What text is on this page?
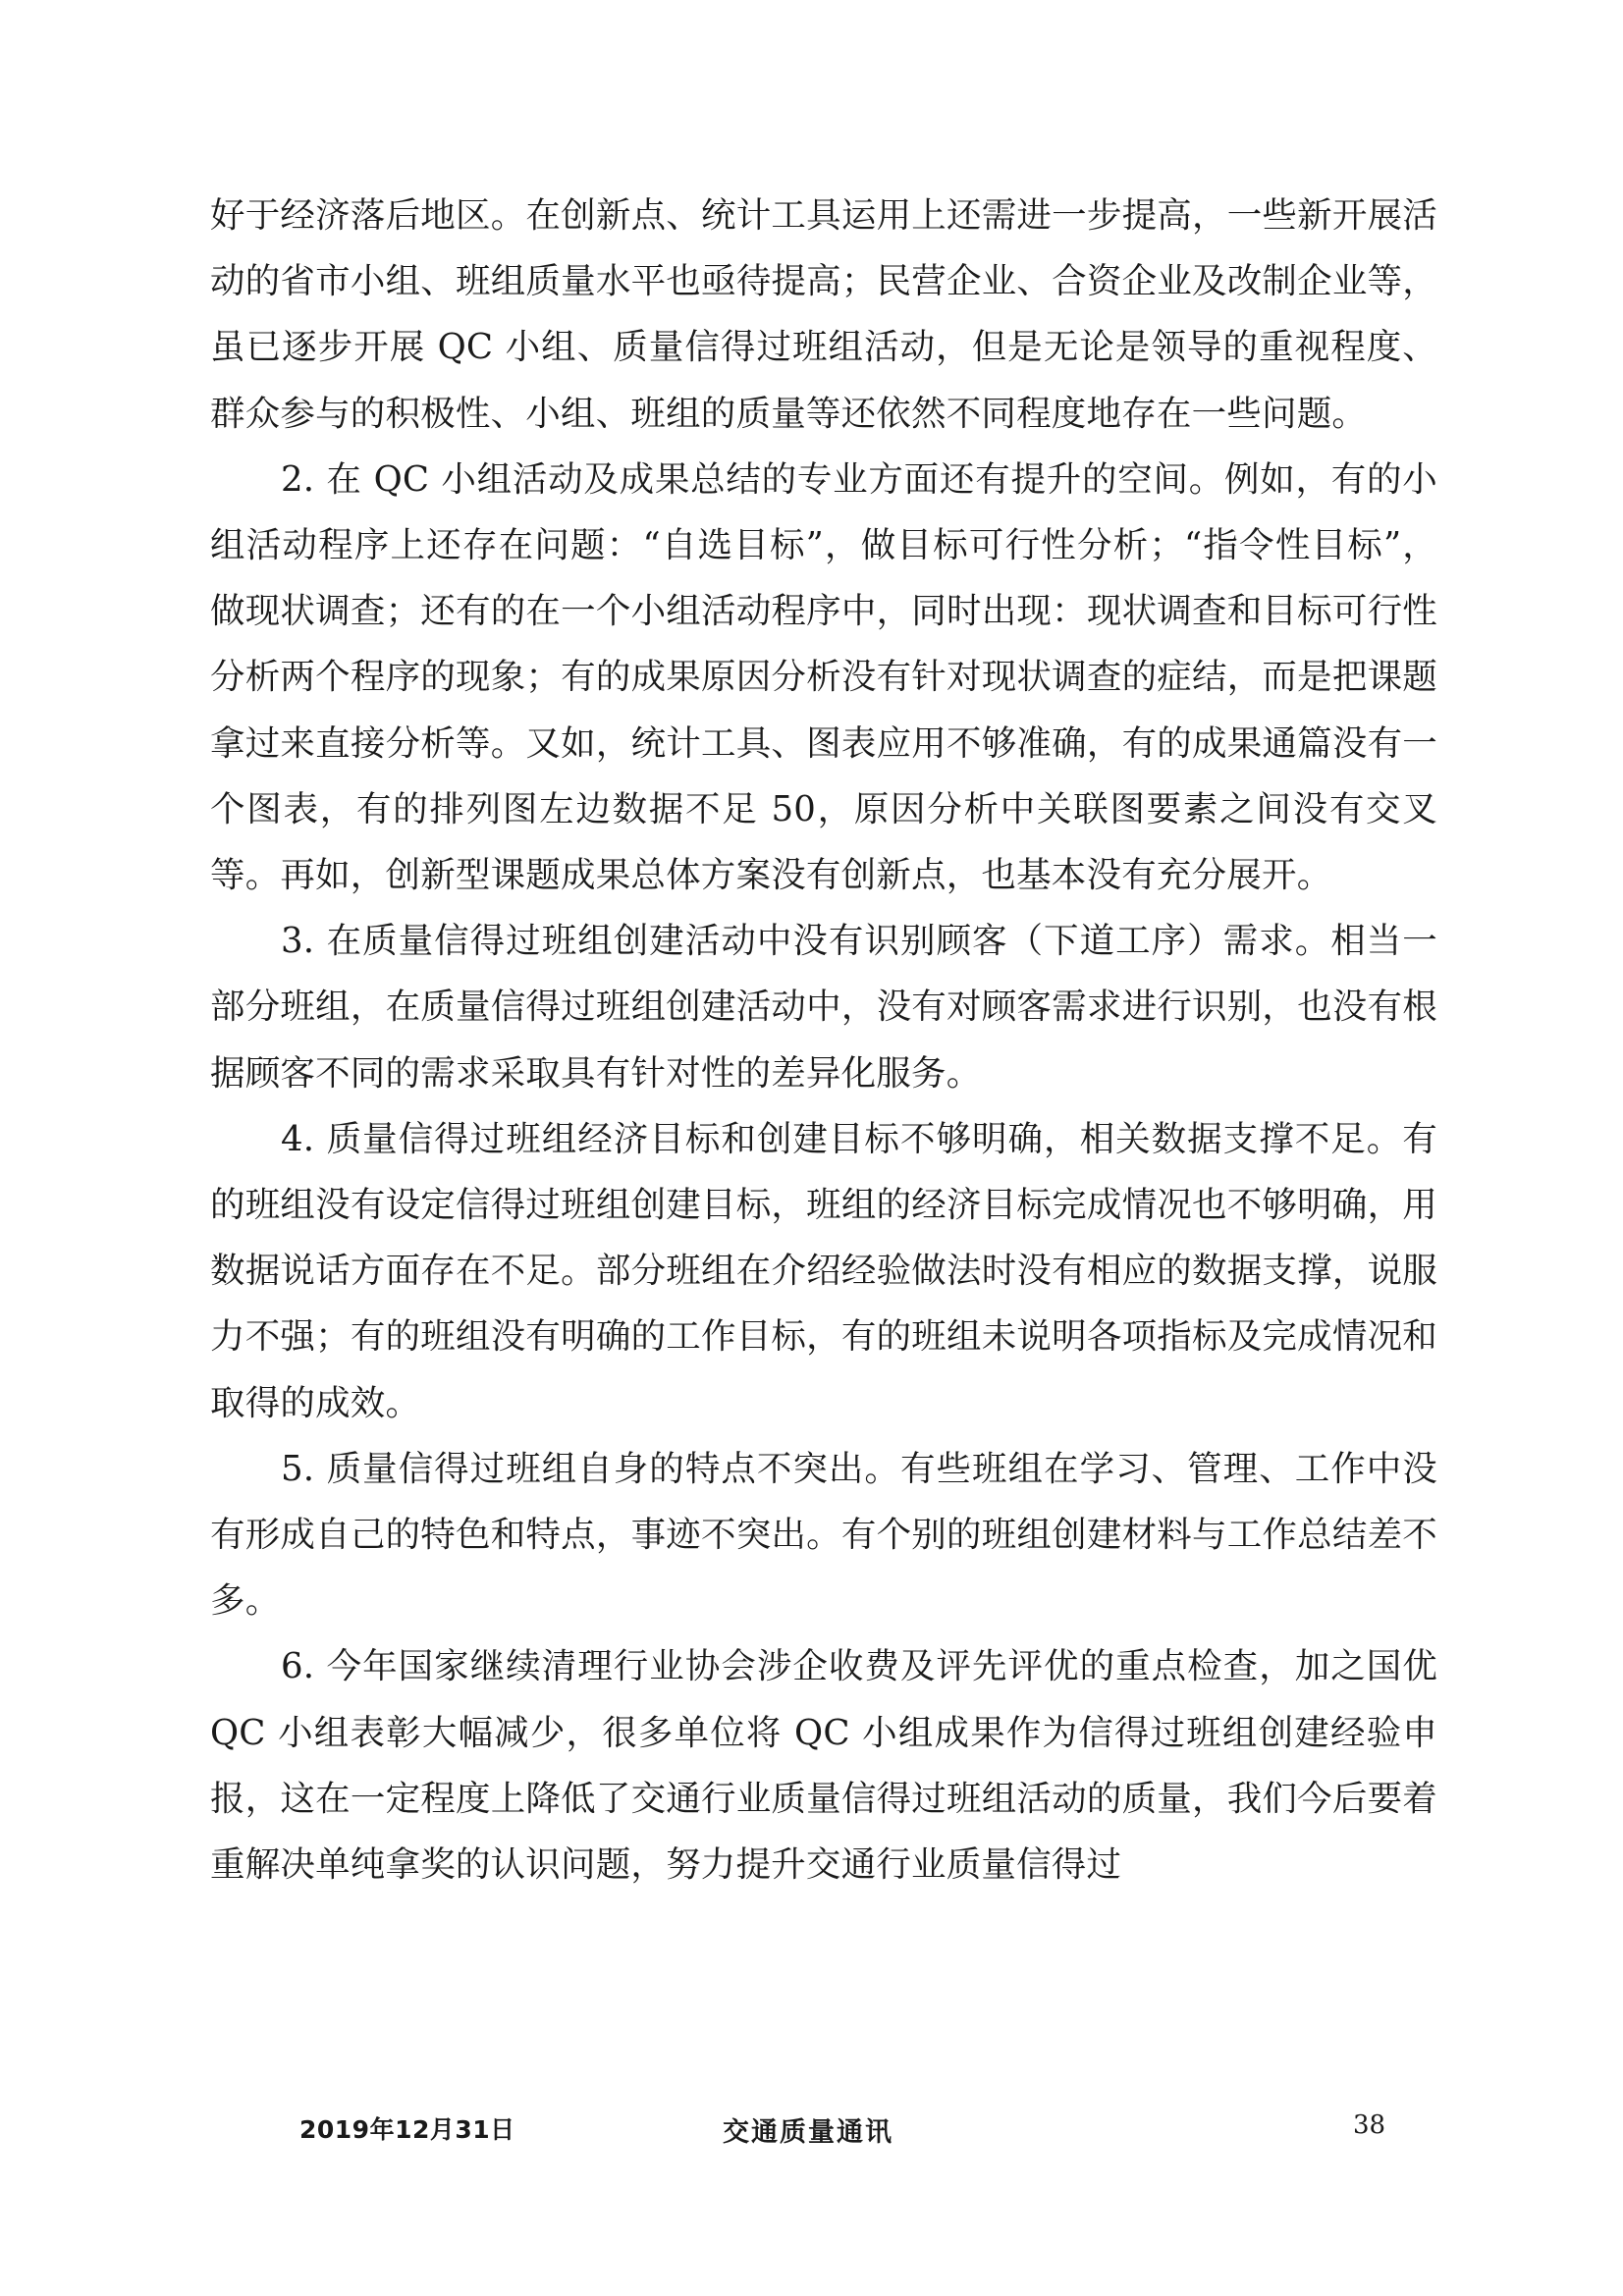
好于经济落后地区。在创新点、统计工具运用上还需进一步提高，一些新开展活动的省市小组、班组质量水平也亟待提高；民营企业、合资企业及改制企业等，虽已逐步开展 QC 小组、质量信得过班组活动，但是无论是领导的重视程度、群众参与的积极性、小组、班组的质量等还依然不同程度地存在一些问题。

2. 在 QC 小组活动及成果总结的专业方面还有提升的空间。例如，有的小组活动程序上还存在问题：“自选目标”，做目标可行性分析；“指令性目标”，做现状调查；还有的在一个小组活动程序中，同时出现：现状调查和目标可行性分析两个程序的现象；有的成果原因分析没有针对现状调查的症结，而是把课题拿过来直接分析等。又如，统计工具、图表应用不够准确，有的成果通篇没有一个图表，有的排列图左边数据不足 50，原因分析中关联图要素之间没有交叉等。再如，创新型课题成果总体方案没有创新点，也基本没有充分展开。

3. 在质量信得过班组创建活动中没有识别顾客（下道工序）需求。相当一部分班组，在质量信得过班组创建活动中，没有对顾客需求进行识别，也没有根据顾客不同的需求采取具有针对性的差异化服务。

4. 质量信得过班组经济目标和创建目标不够明确，相关数据支撑不足。有的班组没有设定信得过班组创建目标，班组的经济目标完成情况也不够明确，用数据说话方面存在不足。部分班组在介绍经验做法时没有相应的数据支撑，说服力不强；有的班组没有明确的工作目标，有的班组未说明各项指标及完成情况和取得的成效。

5. 质量信得过班组自身的特点不突出。有些班组在学习、管理、工作中没有形成自己的特色和特点，事迹不突出。有个别的班组创建材料与工作总结差不多。

6. 今年国家继续清理行业协会涉企收费及评先评优的重点检查，加之国优 QC 小组表彰大幅减少，很多单位将 QC 小组成果作为信得过班组创建经验申报，这在一定程度上降低了交通行业质量信得过班组活动的质量，我们今后要着重解决单纯拿奖的认识问题，努力提升交通行业质量信得过

2019年12月31日	交通质量通讯	38
